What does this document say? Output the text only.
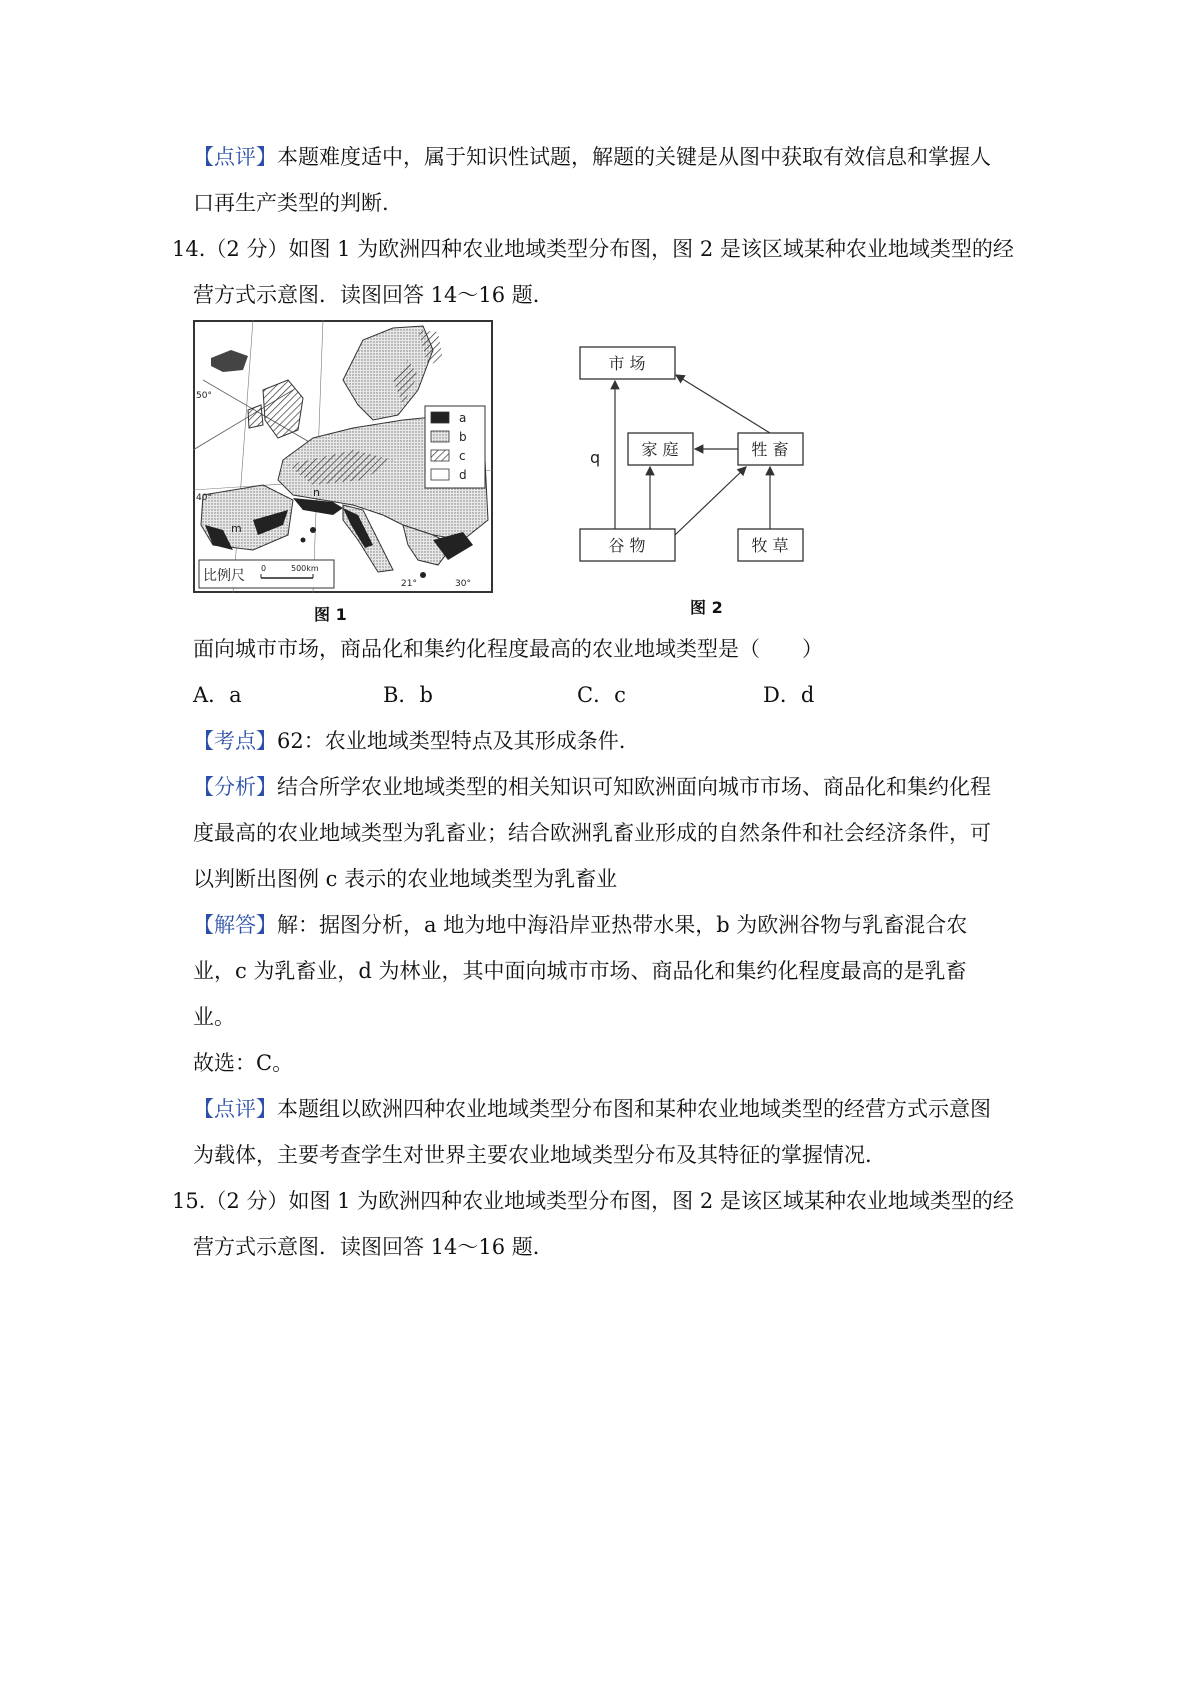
【点评】本题难度适中，属于知识性试题，解题的关键是从图中获取有效信息和掌握人
口再生产类型的判断.
14.（2 分）如图 1 为欧洲四种农业地域类型分布图，图 2 是该区域某种农业地域类型的经
营方式示意图．读图回答 14～16 题．
a
b
c
d
n
m
40°
50°
21°	30°
比例尺 0	500km
图 1
市 场
家 庭	牲 畜
谷 物	牧 草
q
图 2
面向城市市场，商品化和集约化程度最高的农业地域类型是（　　）
A．a	B．b	C．c	D．d
【考点】62：农业地域类型特点及其形成条件.
【分析】结合所学农业地域类型的相关知识可知欧洲面向城市市场、商品化和集约化程
度最高的农业地域类型为乳畜业；结合欧洲乳畜业形成的自然条件和社会经济条件，可
以判断出图例 c 表示的农业地域类型为乳畜业
【解答】解：据图分析，a 地为地中海沿岸亚热带水果，b 为欧洲谷物与乳畜混合农
业，c 为乳畜业，d 为林业，其中面向城市市场、商品化和集约化程度最高的是乳畜
业。
故选：C。
【点评】本题组以欧洲四种农业地域类型分布图和某种农业地域类型的经营方式示意图
为载体，主要考查学生对世界主要农业地域类型分布及其特征的掌握情况.
15.（2 分）如图 1 为欧洲四种农业地域类型分布图，图 2 是该区域某种农业地域类型的经
营方式示意图．读图回答 14～16 题．
